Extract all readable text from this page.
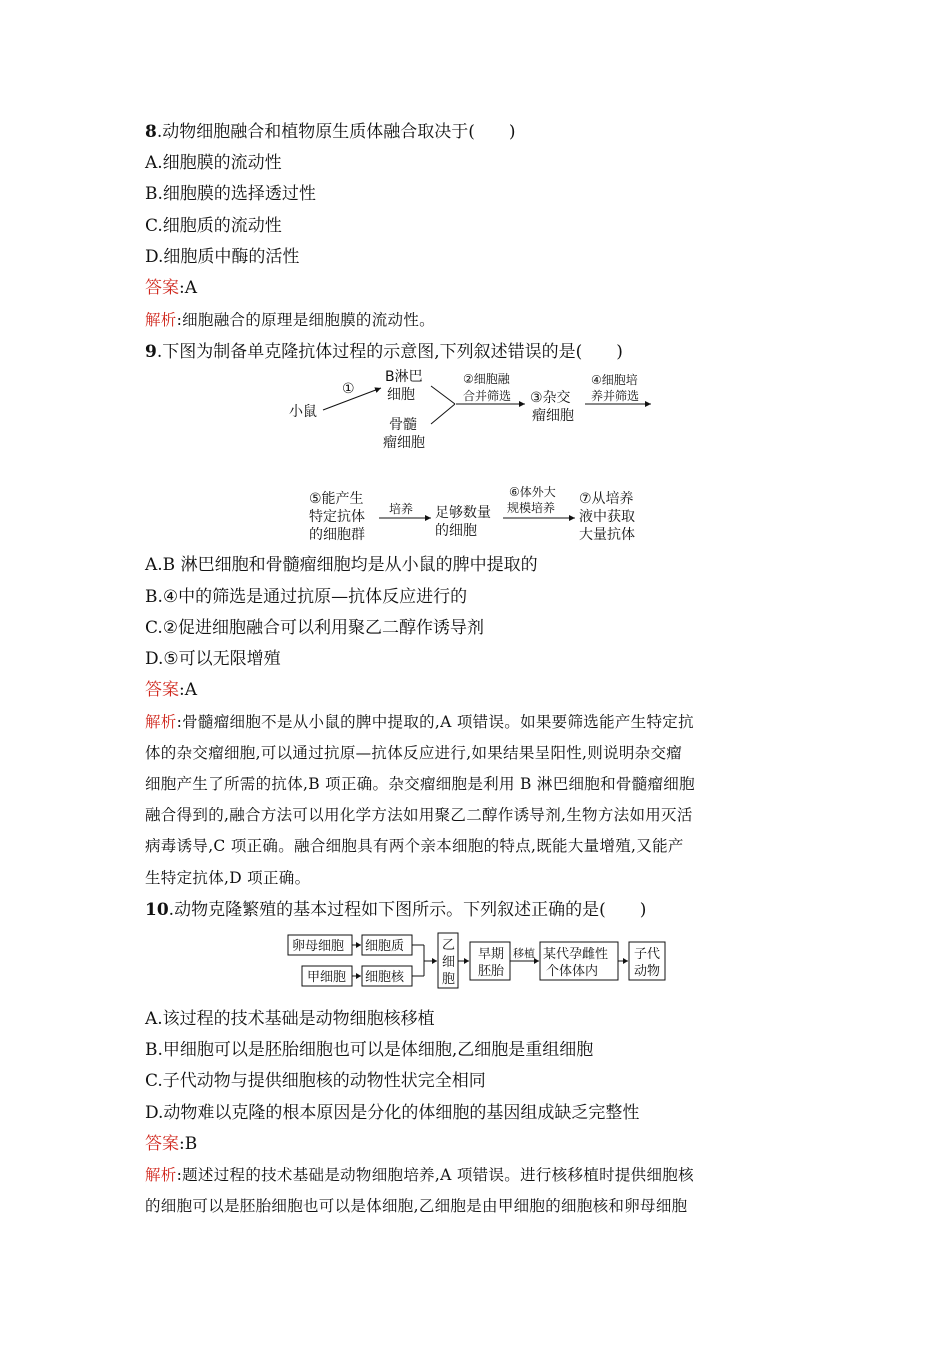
8.动物细胞融合和植物原生质体融合取决于(　　)
A.细胞膜的流动性
B.细胞膜的选择透过性
C.细胞质的流动性
D.细胞质中酶的活性
答案:A
解析:细胞融合的原理是细胞膜的流动性。
9.下图为制备单克隆抗体过程的示意图,下列叙述错误的是(　　)
小鼠
①
B淋巴
细胞
骨髓
瘤细胞
②细胞融
合并筛选 ③杂交
瘤细胞
④细胞培
养并筛选
⑤能产生
特定抗体
的细胞群
培养 足够数量
的细胞
⑥体外大
规模培养
⑦从培养
液中获取
大量抗体
A.B 淋巴细胞和骨髓瘤细胞均是从小鼠的脾中提取的
B.④中的筛选是通过抗原—抗体反应进行的
C.②促进细胞融合可以利用聚乙二醇作诱导剂
D.⑤可以无限增殖
答案:A
解析:骨髓瘤细胞不是从小鼠的脾中提取的,A 项错误。如果要筛选能产生特定抗
体的杂交瘤细胞,可以通过抗原—抗体反应进行,如果结果呈阳性,则说明杂交瘤
细胞产生了所需的抗体,B 项正确。杂交瘤细胞是利用 B 淋巴细胞和骨髓瘤细胞
融合得到的,融合方法可以用化学方法如用聚乙二醇作诱导剂,生物方法如用灭活
病毒诱导,C 项正确。融合细胞具有两个亲本细胞的特点,既能大量增殖,又能产
生特定抗体,D 项正确。
10.动物克隆繁殖的基本过程如下图所示。下列叙述正确的是(　　)
卵母细胞 细胞质
甲细胞 细胞核
乙
细
胞
早期
胚胎
移植 某代孕雌性
个体体内
子代
动物
A.该过程的技术基础是动物细胞核移植
B.甲细胞可以是胚胎细胞也可以是体细胞,乙细胞是重组细胞
C.子代动物与提供细胞核的动物性状完全相同
D.动物难以克隆的根本原因是分化的体细胞的基因组成缺乏完整性
答案:B
解析:题述过程的技术基础是动物细胞培养,A 项错误。进行核移植时提供细胞核
的细胞可以是胚胎细胞也可以是体细胞,乙细胞是由甲细胞的细胞核和卵母细胞
